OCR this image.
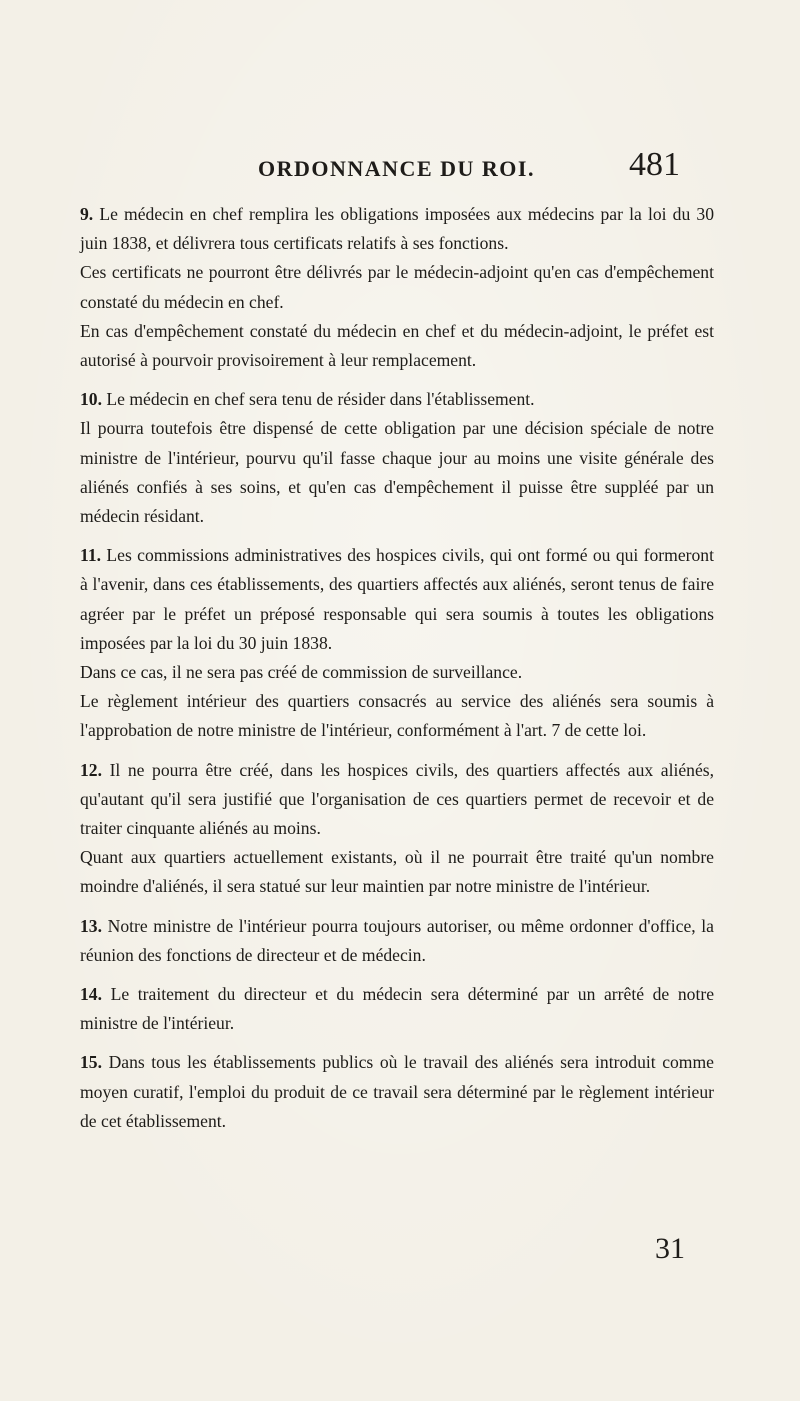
ORDONNANCE DU ROI.	481

9. Le médecin en chef remplira les obligations imposées aux médecins par la loi du 30 juin 1838, et délivrera tous certificats relatifs à ses fonctions.

Ces certificats ne pourront être délivrés par le médecin-adjoint qu'en cas d'empêchement constaté du médecin en chef.

En cas d'empêchement constaté du médecin en chef et du médecin-adjoint, le préfet est autorisé à pourvoir provisoirement à leur remplacement.

10. Le médecin en chef sera tenu de résider dans l'établissement.

Il pourra toutefois être dispensé de cette obligation par une décision spéciale de notre ministre de l'intérieur, pourvu qu'il fasse chaque jour au moins une visite générale des aliénés confiés à ses soins, et qu'en cas d'empêchement il puisse être suppléé par un médecin résidant.

11. Les commissions administratives des hospices civils, qui ont formé ou qui formeront à l'avenir, dans ces établissements, des quartiers affectés aux aliénés, seront tenus de faire agréer par le préfet un préposé responsable qui sera soumis à toutes les obligations imposées par la loi du 30 juin 1838.

Dans ce cas, il ne sera pas créé de commission de surveillance.

Le règlement intérieur des quartiers consacrés au service des aliénés sera soumis à l'approbation de notre ministre de l'intérieur, conformément à l'art. 7 de cette loi.

12. Il ne pourra être créé, dans les hospices civils, des quartiers affectés aux aliénés, qu'autant qu'il sera justifié que l'organisation de ces quartiers permet de recevoir et de traiter cinquante aliénés au moins.

Quant aux quartiers actuellement existants, où il ne pourrait être traité qu'un nombre moindre d'aliénés, il sera statué sur leur maintien par notre ministre de l'intérieur.

13. Notre ministre de l'intérieur pourra toujours autoriser, ou même ordonner d'office, la réunion des fonctions de directeur et de médecin.

14. Le traitement du directeur et du médecin sera déterminé par un arrêté de notre ministre de l'intérieur.

15. Dans tous les établissements publics où le travail des aliénés sera introduit comme moyen curatif, l'emploi du produit de ce travail sera déterminé par le règlement intérieur de cet établissement.

31
